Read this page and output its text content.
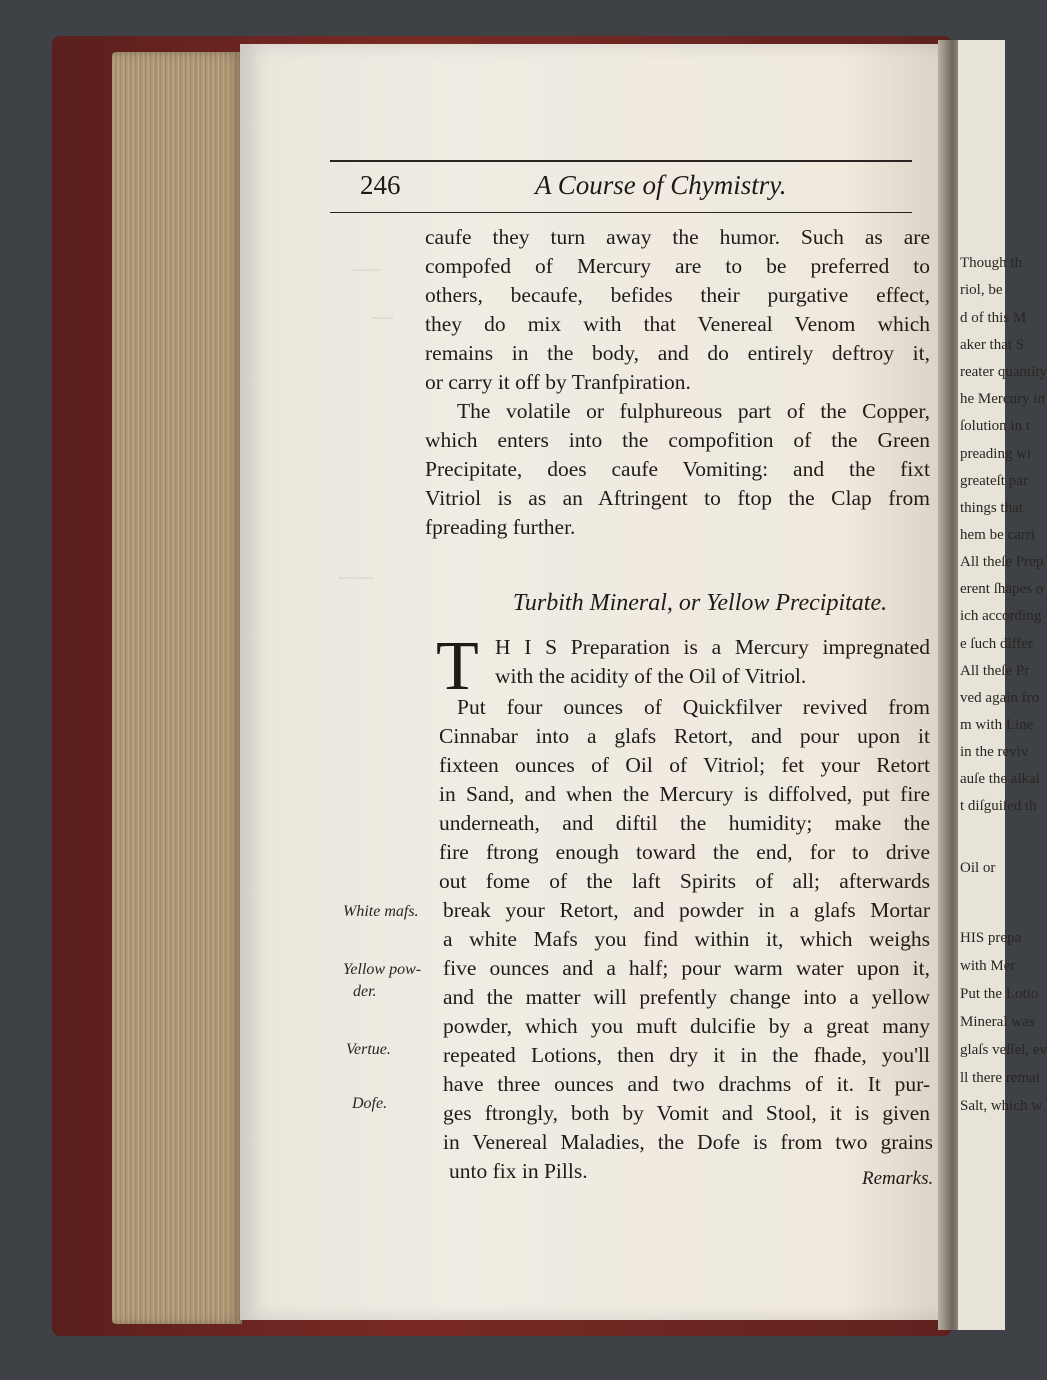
Though th
riol, be
d of this M
aker that S
reater quantity
he Mercury in
ſolution in t
preading wi
greateſt par
things that
hem be carri
All theſe Prep
erent ſhapes o
ich according
e ſuch differ
All theſe Pr
ved again fro
m with Line
in the reviv
auſe the alkal
t diſguiſed th
Oil or
HIS prepa
with Mer
Put the Lotio
Mineral was
glaſs veſſel, ev
ll there remai
Salt, which w
~~~~
~~~
~~~~~
246	A Course of Chymistry.
caufe they turn away the humor. Such as are
compofed of Mercury are to be preferred to
others, becaufe, befides their purgative effect,
they do mix with that Venereal Venom which
remains in the body, and do entirely deftroy it,
or carry it off by Tranfpiration.
The volatile or fulphureous part of the Copper,
which enters into the compofition of the Green
Precipitate, does caufe Vomiting: and the fixt
Vitriol is as an Aftringent to ftop the Clap from
fpreading further.
Turbith Mineral, or Yellow Precipitate.
H I S Preparation is a Mercury impregnated
with the acidity of the Oil of Vitriol.
Put four ounces of Quickfilver revived from
Cinnabar into a glafs Retort, and pour upon it
fixteen ounces of Oil of Vitriol; fet your Retort
in Sand, and when the Mercury is diffolved, put fire
underneath, and diftil the humidity; make the
fire ftrong enough toward the end, for to drive
out fome of the laft Spirits of all; afterwards
break your Retort, and powder in a glafs Mortar
a white Mafs you find within it, which weighs
five ounces and a half; pour warm water upon it,
and the matter will prefently change into a yellow
powder, which you muft dulcifie by a great many
repeated Lotions, then dry it in the fhade, you'll
have three ounces and two drachms of it. It pur-
ges ftrongly, both by Vomit and Stool, it is given
in Venereal Maladies, the Dofe is from two grains
unto fix in Pills.
T
White mafs.
Yellow pow-
der.
Vertue.
Dofe.
Remarks.
